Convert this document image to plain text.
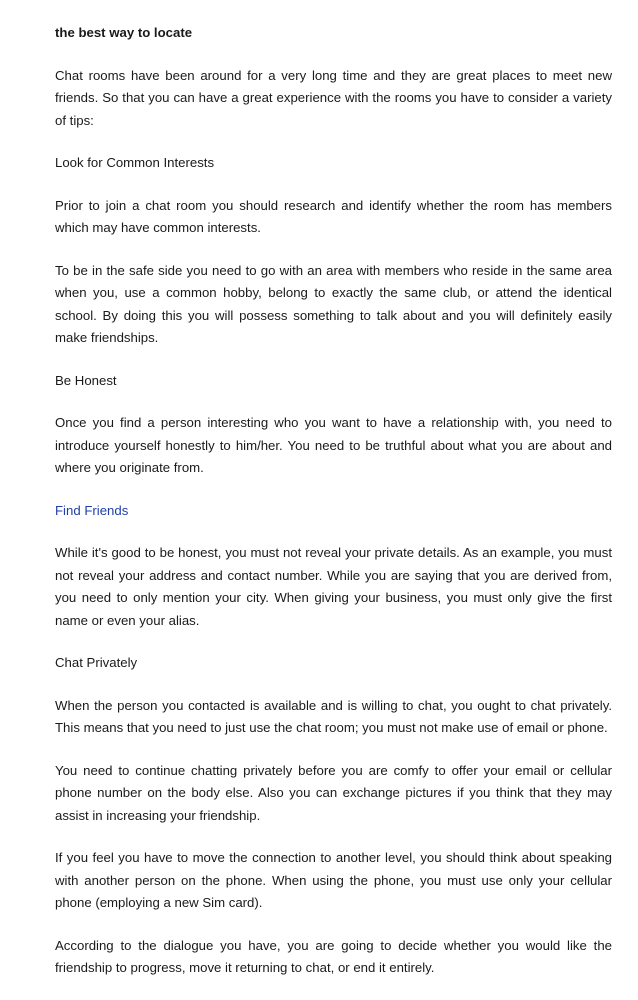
the best way to locate

Chat rooms have been around for a very long time and they are great places to meet new friends. So that you can have a great experience with the rooms you have to consider a variety of tips:

Look for Common Interests

Prior to join a chat room you should research and identify whether the room has members which may have common interests.

To be in the safe side you need to go with an area with members who reside in the same area when you, use a common hobby, belong to exactly the same club, or attend the identical school. By doing this you will possess something to talk about and you will definitely easily make friendships.

Be Honest

Once you find a person interesting who you want to have a relationship with, you need to introduce yourself honestly to him/her. You need to be truthful about what you are about and where you originate from.

Find Friends

While it's good to be honest, you must not reveal your private details. As an example, you must not reveal your address and contact number. While you are saying that you are derived from, you need to only mention your city. When giving your business, you must only give the first name or even your alias.

Chat Privately

When the person you contacted is available and is willing to chat, you ought to chat privately. This means that you need to just use the chat room; you must not make use of email or phone.

You need to continue chatting privately before you are comfy to offer your email or cellular phone number on the body else. Also you can exchange pictures if you think that they may assist in increasing your friendship.

If you feel you have to move the connection to another level, you should think about speaking with another person on the phone. When using the phone, you must use only your cellular phone (employing a new Sim card).

According to the dialogue you have, you are going to decide whether you would like the friendship to progress, move it returning to chat, or end it entirely.
